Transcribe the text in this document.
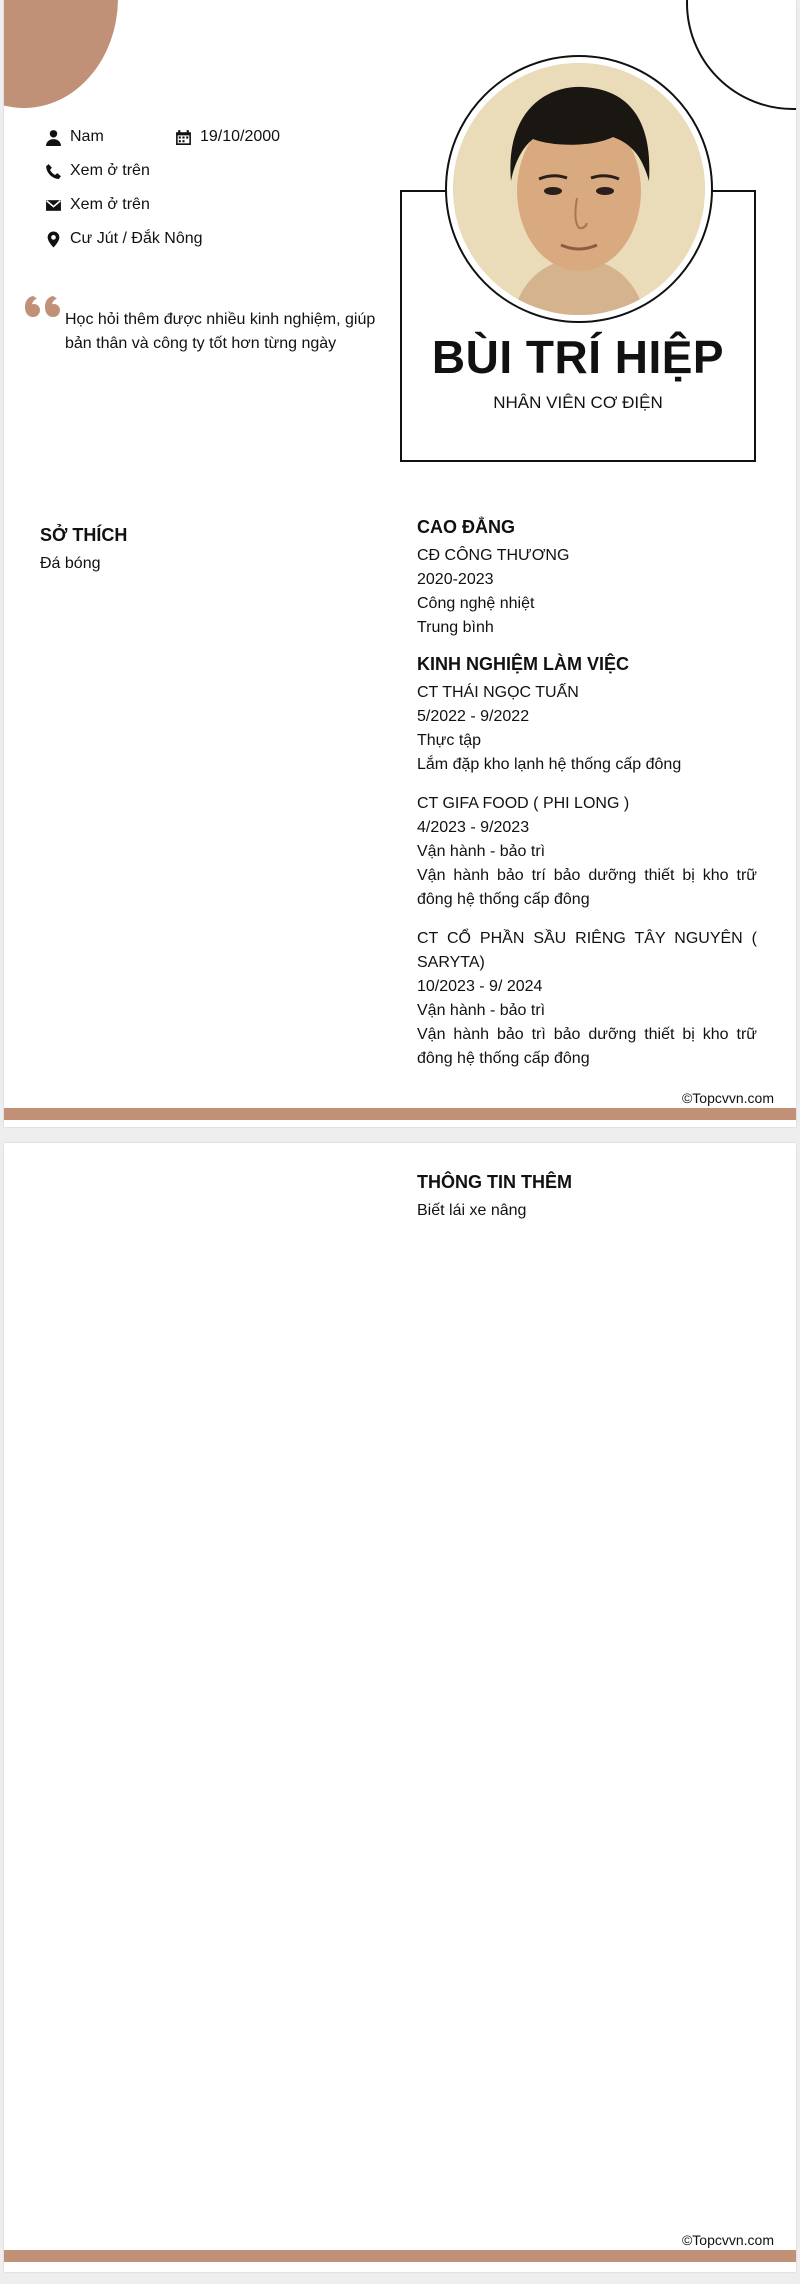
Nam	19/10/2000
Xem ở trên
Xem ở trên
Cư Jút / Đắk Nông
Học hỏi thêm được nhiều kinh nghiệm, giúp bản thân và công ty tốt hơn từng ngày	BÙI TRÍ HIỆP
NHÂN VIÊN CƠ ĐIỆN
SỞ THÍCH
Đá bóng
CAO ĐẲNG
CĐ CÔNG THƯƠNG
2020-2023
Công nghệ nhiệt
Trung bình
KINH NGHIỆM LÀM VIỆC
CT THÁI NGỌC TUẤN
5/2022 - 9/2022
Thực tập
Lắm đặp kho lạnh hệ thống cấp đông
CT GIFA FOOD ( PHI LONG )
4/2023 - 9/2023
Vận hành - bảo trì
Vận hành bảo trí bảo dưỡng thiết bị kho trữ đông hệ thống cấp đông
CT CỔ PHẦN SẦU RIÊNG TÂY NGUYÊN ( SARYTA)
10/2023 - 9/ 2024
Vận hành - bảo trì
Vận hành bảo trì bảo dưỡng thiết bị kho trữ đông hệ thống cấp đông
©Topcvvn.com
THÔNG TIN THÊM
Biết lái xe nâng
©Topcvvn.com
